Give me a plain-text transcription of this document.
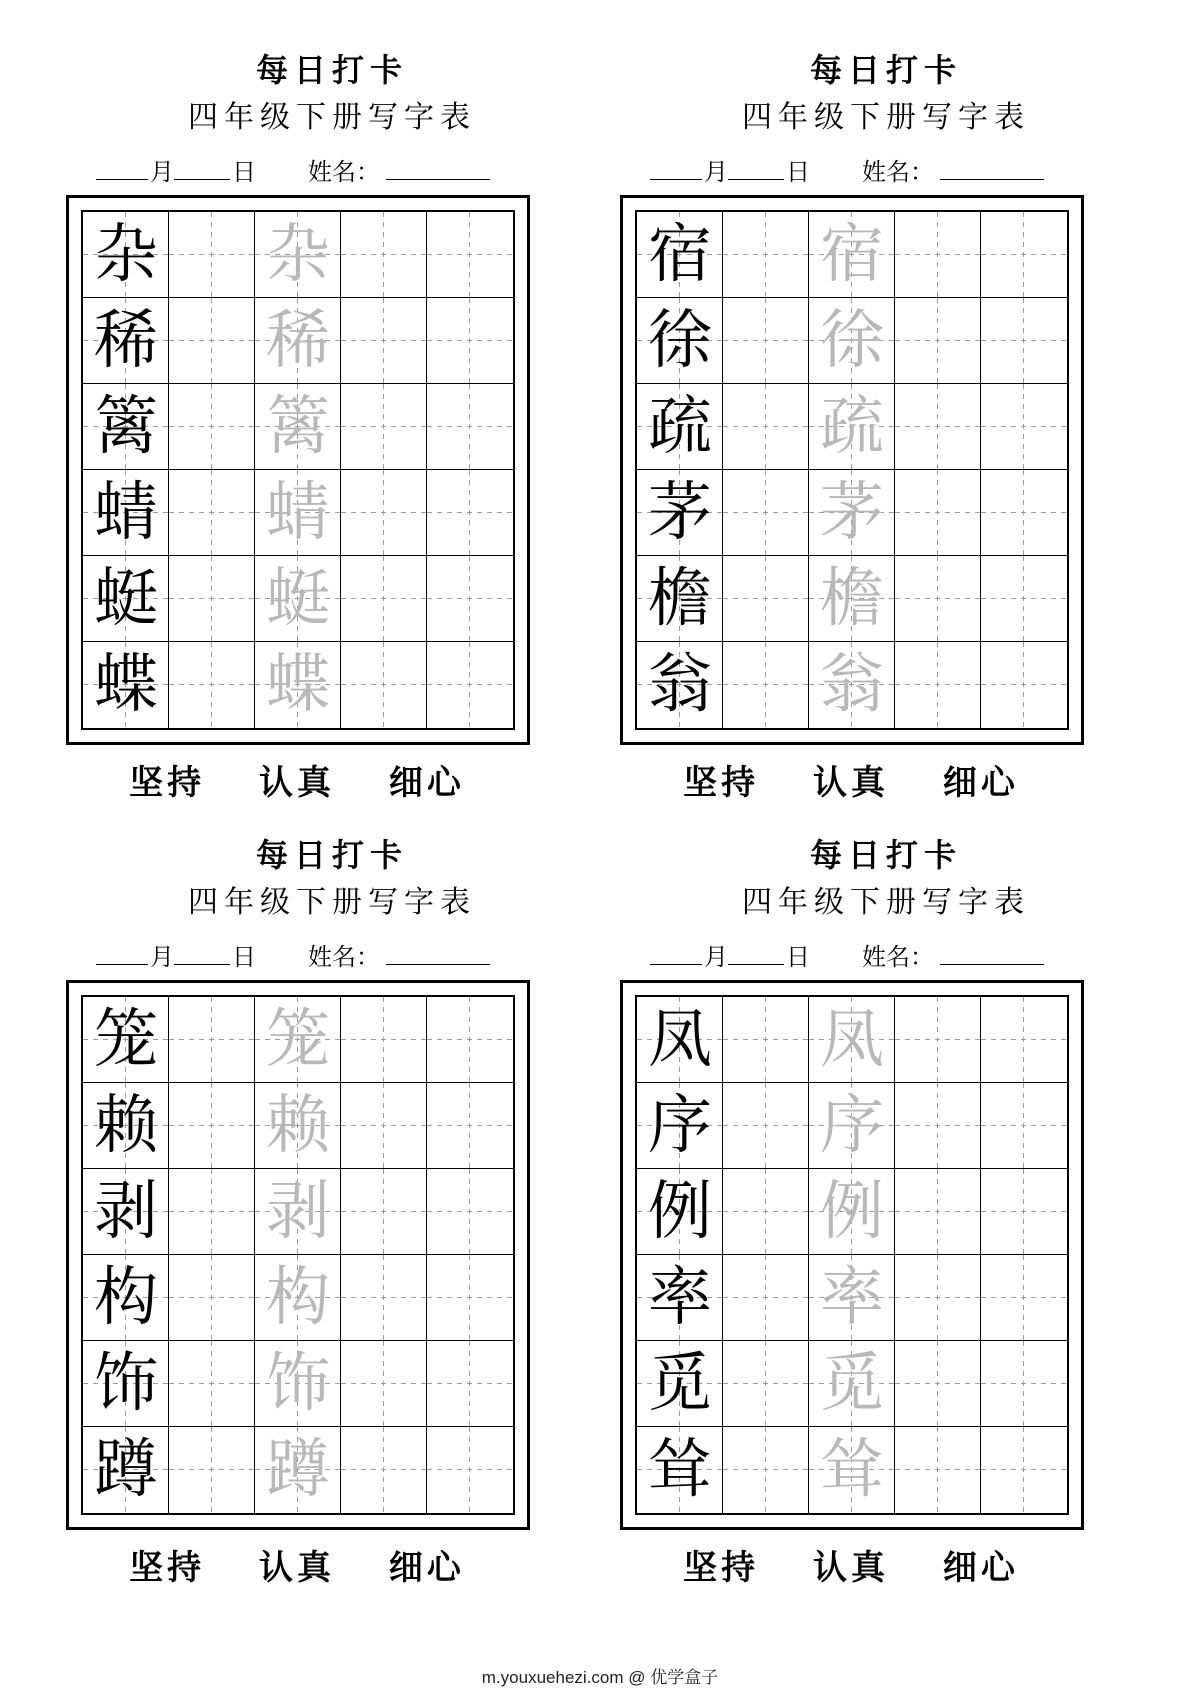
每日打卡
四年级下册写字表
月 日 姓名：
杂 杂
稀 稀
篱 篱
蜻 蜻
蜓 蜓
蝶 蝶
坚持 认真 细心
每日打卡
四年级下册写字表
月 日 姓名：
宿 宿
徐 徐
疏 疏
茅 茅
檐 檐
翁 翁
坚持 认真 细心
每日打卡
四年级下册写字表
月 日 姓名：
笼 笼
赖 赖
剥 剥
构 构
饰 饰
蹲 蹲
坚持 认真 细心
每日打卡
四年级下册写字表
月 日 姓名：
凤 凤
序 序
例 例
率 率
觅 觅
耸 耸
坚持 认真 细心
m.youxuehezi.com @ 优学盒子
